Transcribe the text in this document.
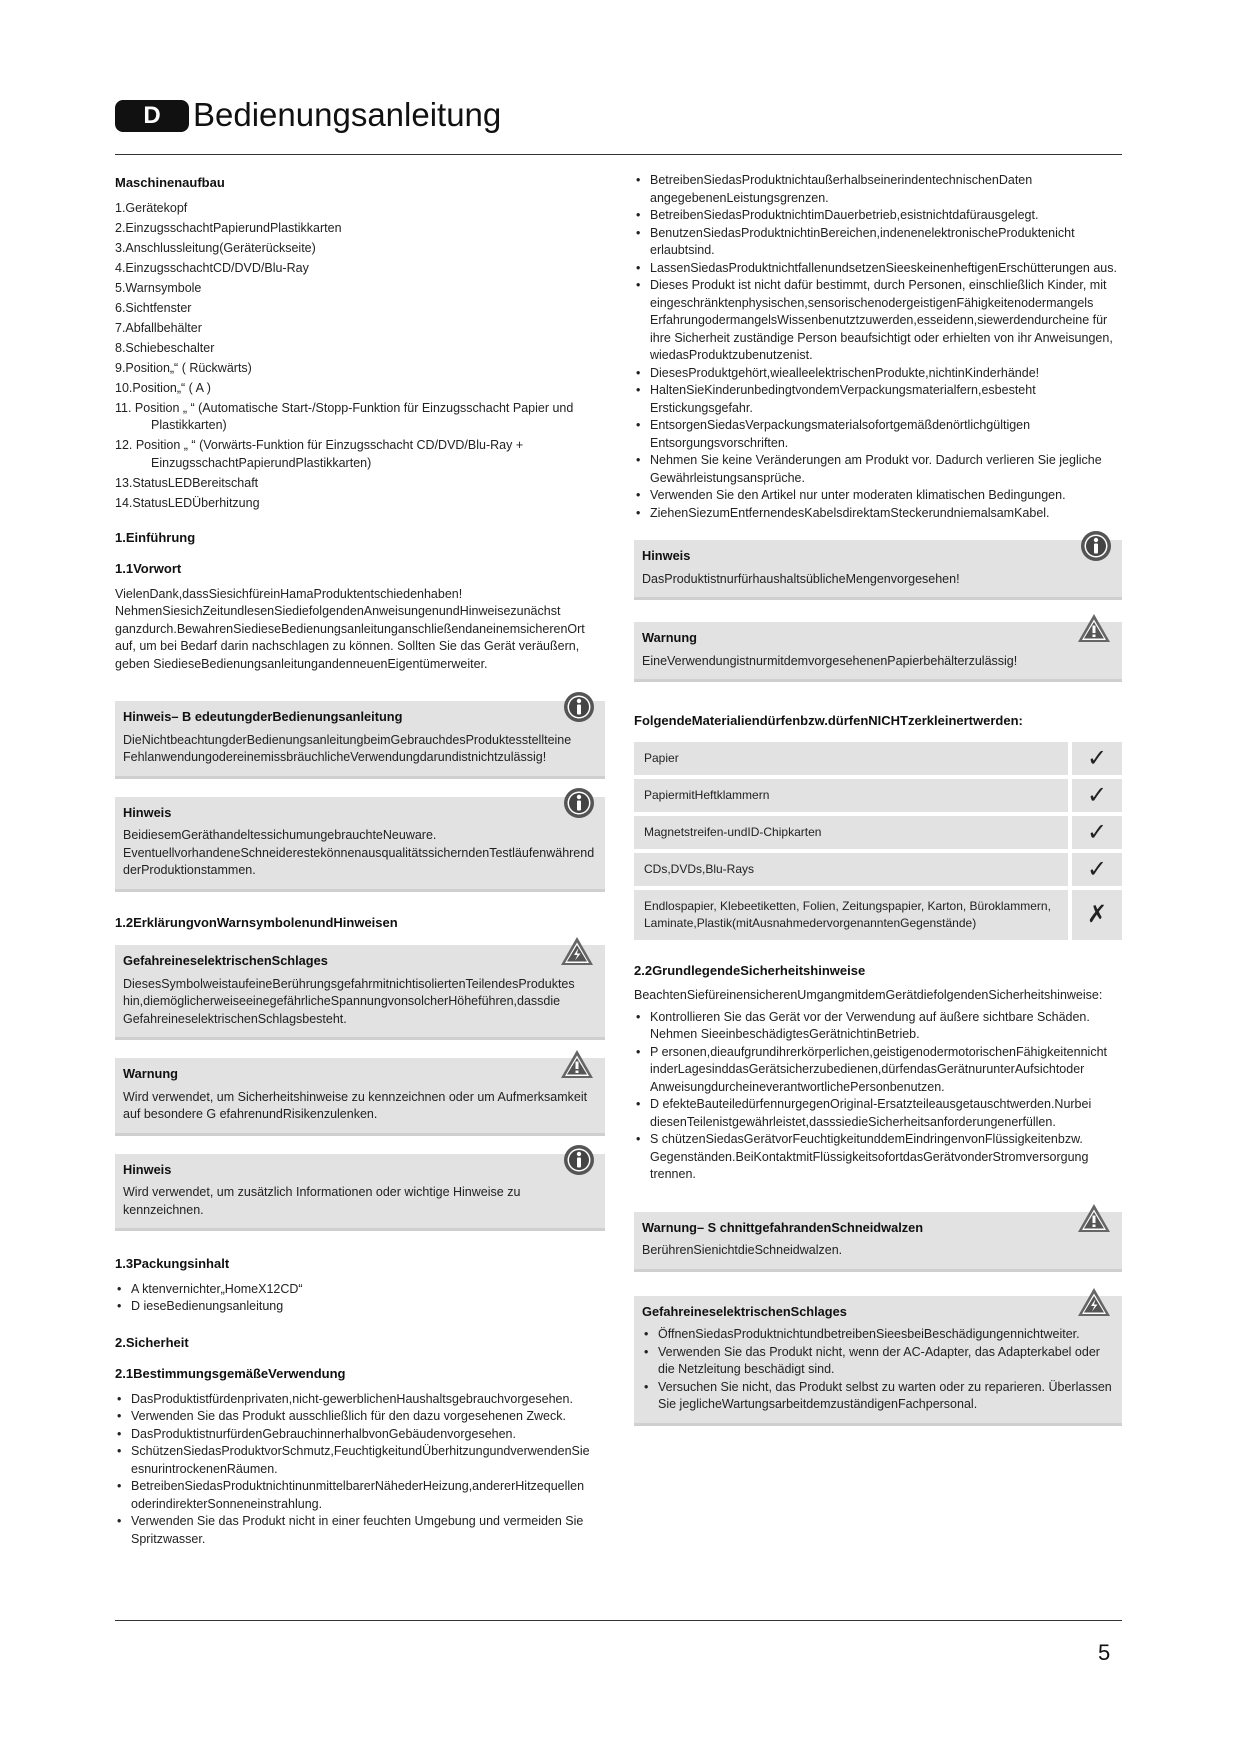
D Bedienungsanleitung
Maschinenaufbau
1.Gerätekopf
2.EinzugsschachtPapierundPlastikkarten
3.Anschlussleitung(Geräterückseite)
4.EinzugsschachtCD/DVD/Blu-Ray
5.Warnsymbole
6.Sichtfenster
7.Abfallbehälter
8.Schiebeschalter
9.Position„“ ( Rückwärts)
10.Position„“ ( A )
11. Position „ “ (Automatische Start-/Stopp-Funktion für Einzugsschacht Papier und Plastikkarten)
12. Position „ “ (Vorwärts-Funktion für Einzugsschacht CD/DVD/Blu-Ray + EinzugsschachtPapierundPlastikkarten)
13.StatusLEDBereitschaft
14.StatusLEDÜberhitzung
1.Einführung
1.1Vorwort

VielenDank,dassSiesichfüreinHamaProduktentschiedenhaben! NehmenSiesichZeitundlesenSiediefolgendenAnweisungenundHinweisezunächst ganzdurch.BewahrenSiedieseBedienungsanleitunganschließendaneinemsicherenOrt auf, um bei Bedarf darin nachschlagen zu können. Sollten Sie das Gerät veräußern, geben SiedieseBedienungsanleitungandenneuenEigentümerweiter.

Hinweis– B edeutungderBedienungsanleitung

DieNichtbeachtungderBedienungsanleitungbeimGebrauchdesProduktesstellteine FehlanwendungodereinemissbräuchlicheVerwendungdarundistnichtzulässig!

Hinweis

BeidiesemGeräthandeltessichumungebrauchteNeuware. EventuellvorhandeneSchneiderestekönnenausqualitätssicherndenTestläufenwährend derProduktionstammen.

1.2ErklärungvonWarnsymbolenundHinweisen
GefahreineselektrischenSchlages

DiesesSymbolweistaufeineBerührungsgefahrmitnichtisoliertenTeilendesProduktes hin,diemöglicherweiseeinegefährlicheSpannungvonsolcherHöheführen,dassdie GefahreineselektrischenSchlagsbesteht.

Warnung

Wird verwendet, um Sicherheitshinweise zu kennzeichnen oder um Aufmerksamkeit auf besondere G efahrenundRisikenzulenken.

Hinweis

Wird verwendet, um zusätzlich Informationen oder wichtige Hinweise zu kennzeichnen.

1.3Packungsinhalt
• A ktenvernichter„HomeX12CD“
• D ieseBedienungsanleitung
2.Sicherheit
2.1BestimmungsgemäßeVerwendung
• DasProduktistfürdenprivaten,nicht-gewerblichenHaushaltsgebrauchvorgesehen.
• Verwenden Sie das Produkt ausschließlich für den dazu vorgesehenen Zweck.
• DasProduktistnurfürdenGebrauchinnerhalbvonGebäudenvorgesehen.
• SchützenSiedasProduktvorSchmutz,FeuchtigkeitundÜberhitzungundverwendenSie esnurintrockenenRäumen.
• BetreibenSiedasProduktnichtinunmittelbarerNähederHeizung,andererHitzequellen oderindirekterSonneneinstrahlung.
• Verwenden Sie das Produkt nicht in einer feuchten Umgebung und vermeiden Sie Spritzwasser.
• BetreibenSiedasProduktnichtaußerhalbseinerindentechnischenDaten angegebenenLeistungsgrenzen.
• BetreibenSiedasProduktnichtimDauerbetrieb,esistnichtdafürausgelegt.
• BenutzenSiedasProduktnichtinBereichen,indenenelektronischeProduktenicht erlaubtsind.
• LassenSiedasProduktnichtfallenundsetzenSieeskeinenheftigenErschütterungen aus.
• Dieses Produkt ist nicht dafür bestimmt, durch Personen, einschließlich Kinder, mit eingeschränktenphysischen,sensorischenodergeistigenFähigkeitenodermangels ErfahrungodermangelsWissenbenutztzuwerden,esseidenn,siewerdendurcheine für ihre Sicherheit zuständige Person beaufsichtigt oder erhielten von ihr Anweisungen, wiedasProduktzubenutzenist.
• DiesesProduktgehört,wiealleelektrischenProdukte,nichtinKinderhände!
• HaltenSieKinderunbedingtvondemVerpackungsmaterialfern,esbesteht Erstickungsgefahr.
• EntsorgenSiedasVerpackungsmaterialsofortgemäßdenörtlichgültigen Entsorgungsvorschriften.
• Nehmen Sie keine Veränderungen am Produkt vor. Dadurch verlieren Sie jegliche Gewährleistungsansprüche.
• Verwenden Sie den Artikel nur unter moderaten klimatischen Bedingungen.
• ZiehenSiezumEntfernendesKabelsdirektamSteckerundniemalsamKabel.
Hinweis

DasProduktistnurfürhaushaltsüblicheMengenvorgesehen!

Warnung

EineVerwendungistnurmitdemvorgesehenenPapierbehälterzulässig!

FolgendeMaterialiendürfenbzw.dürfenNICHTzerkleinertwerden:
Papier	✓
PapiermitHeftklammern	✓
Magnetstreifen-undID-Chipkarten	✓
CDs,DVDs,Blu-Rays	✓
Endlospapier, Klebeetiketten, Folien, Zeitungspapier, Karton, Büroklammern, Laminate,Plastik(mitAusnahmedervorgenanntenGegenstände)	✗
2.2GrundlegendeSicherheitshinweise

BeachtenSiefüreinensicherenUmgangmitdemGerätdiefolgendenSicherheitshinweise:

• Kontrollieren Sie das Gerät vor der Verwendung auf äußere sichtbare Schäden. Nehmen SieeinbeschädigtesGerätnichtinBetrieb.
• P ersonen,dieaufgrundihrerkörperlichen,geistigenodermotorischenFähigkeitennicht inderLagesinddasGerätsicherzubedienen,dürfendasGerätnurunterAufsichtoder AnweisungdurcheineverantwortlichePersonbenutzen.
• D efekteBauteiledürfennurgegenOriginal-Ersatzteileausgetauschtwerden.Nurbei diesenTeilenistgewährleistet,dasssiedieSicherheitsanforderungenerfüllen.
• S chützenSiedasGerätvorFeuchtigkeitunddemEindringenvonFlüssigkeitenbzw. Gegenständen.BeiKontaktmitFlüssigkeitsofortdasGerätvonderStromversorgung trennen.
Warnung– S chnittgefahrandenSchneidwalzen

BerührenSienichtdieSchneidwalzen.

GefahreineselektrischenSchlages
• ÖffnenSiedasProduktnichtundbetreibenSieesbeiBeschädigungennichtweiter.
• Verwenden Sie das Produkt nicht, wenn der AC-Adapter, das Adapterkabel oder die Netzleitung beschädigt sind.
• Versuchen Sie nicht, das Produkt selbst zu warten oder zu reparieren. Überlassen Sie jeglicheWartungsarbeitdemzuständigenFachpersonal.
5
